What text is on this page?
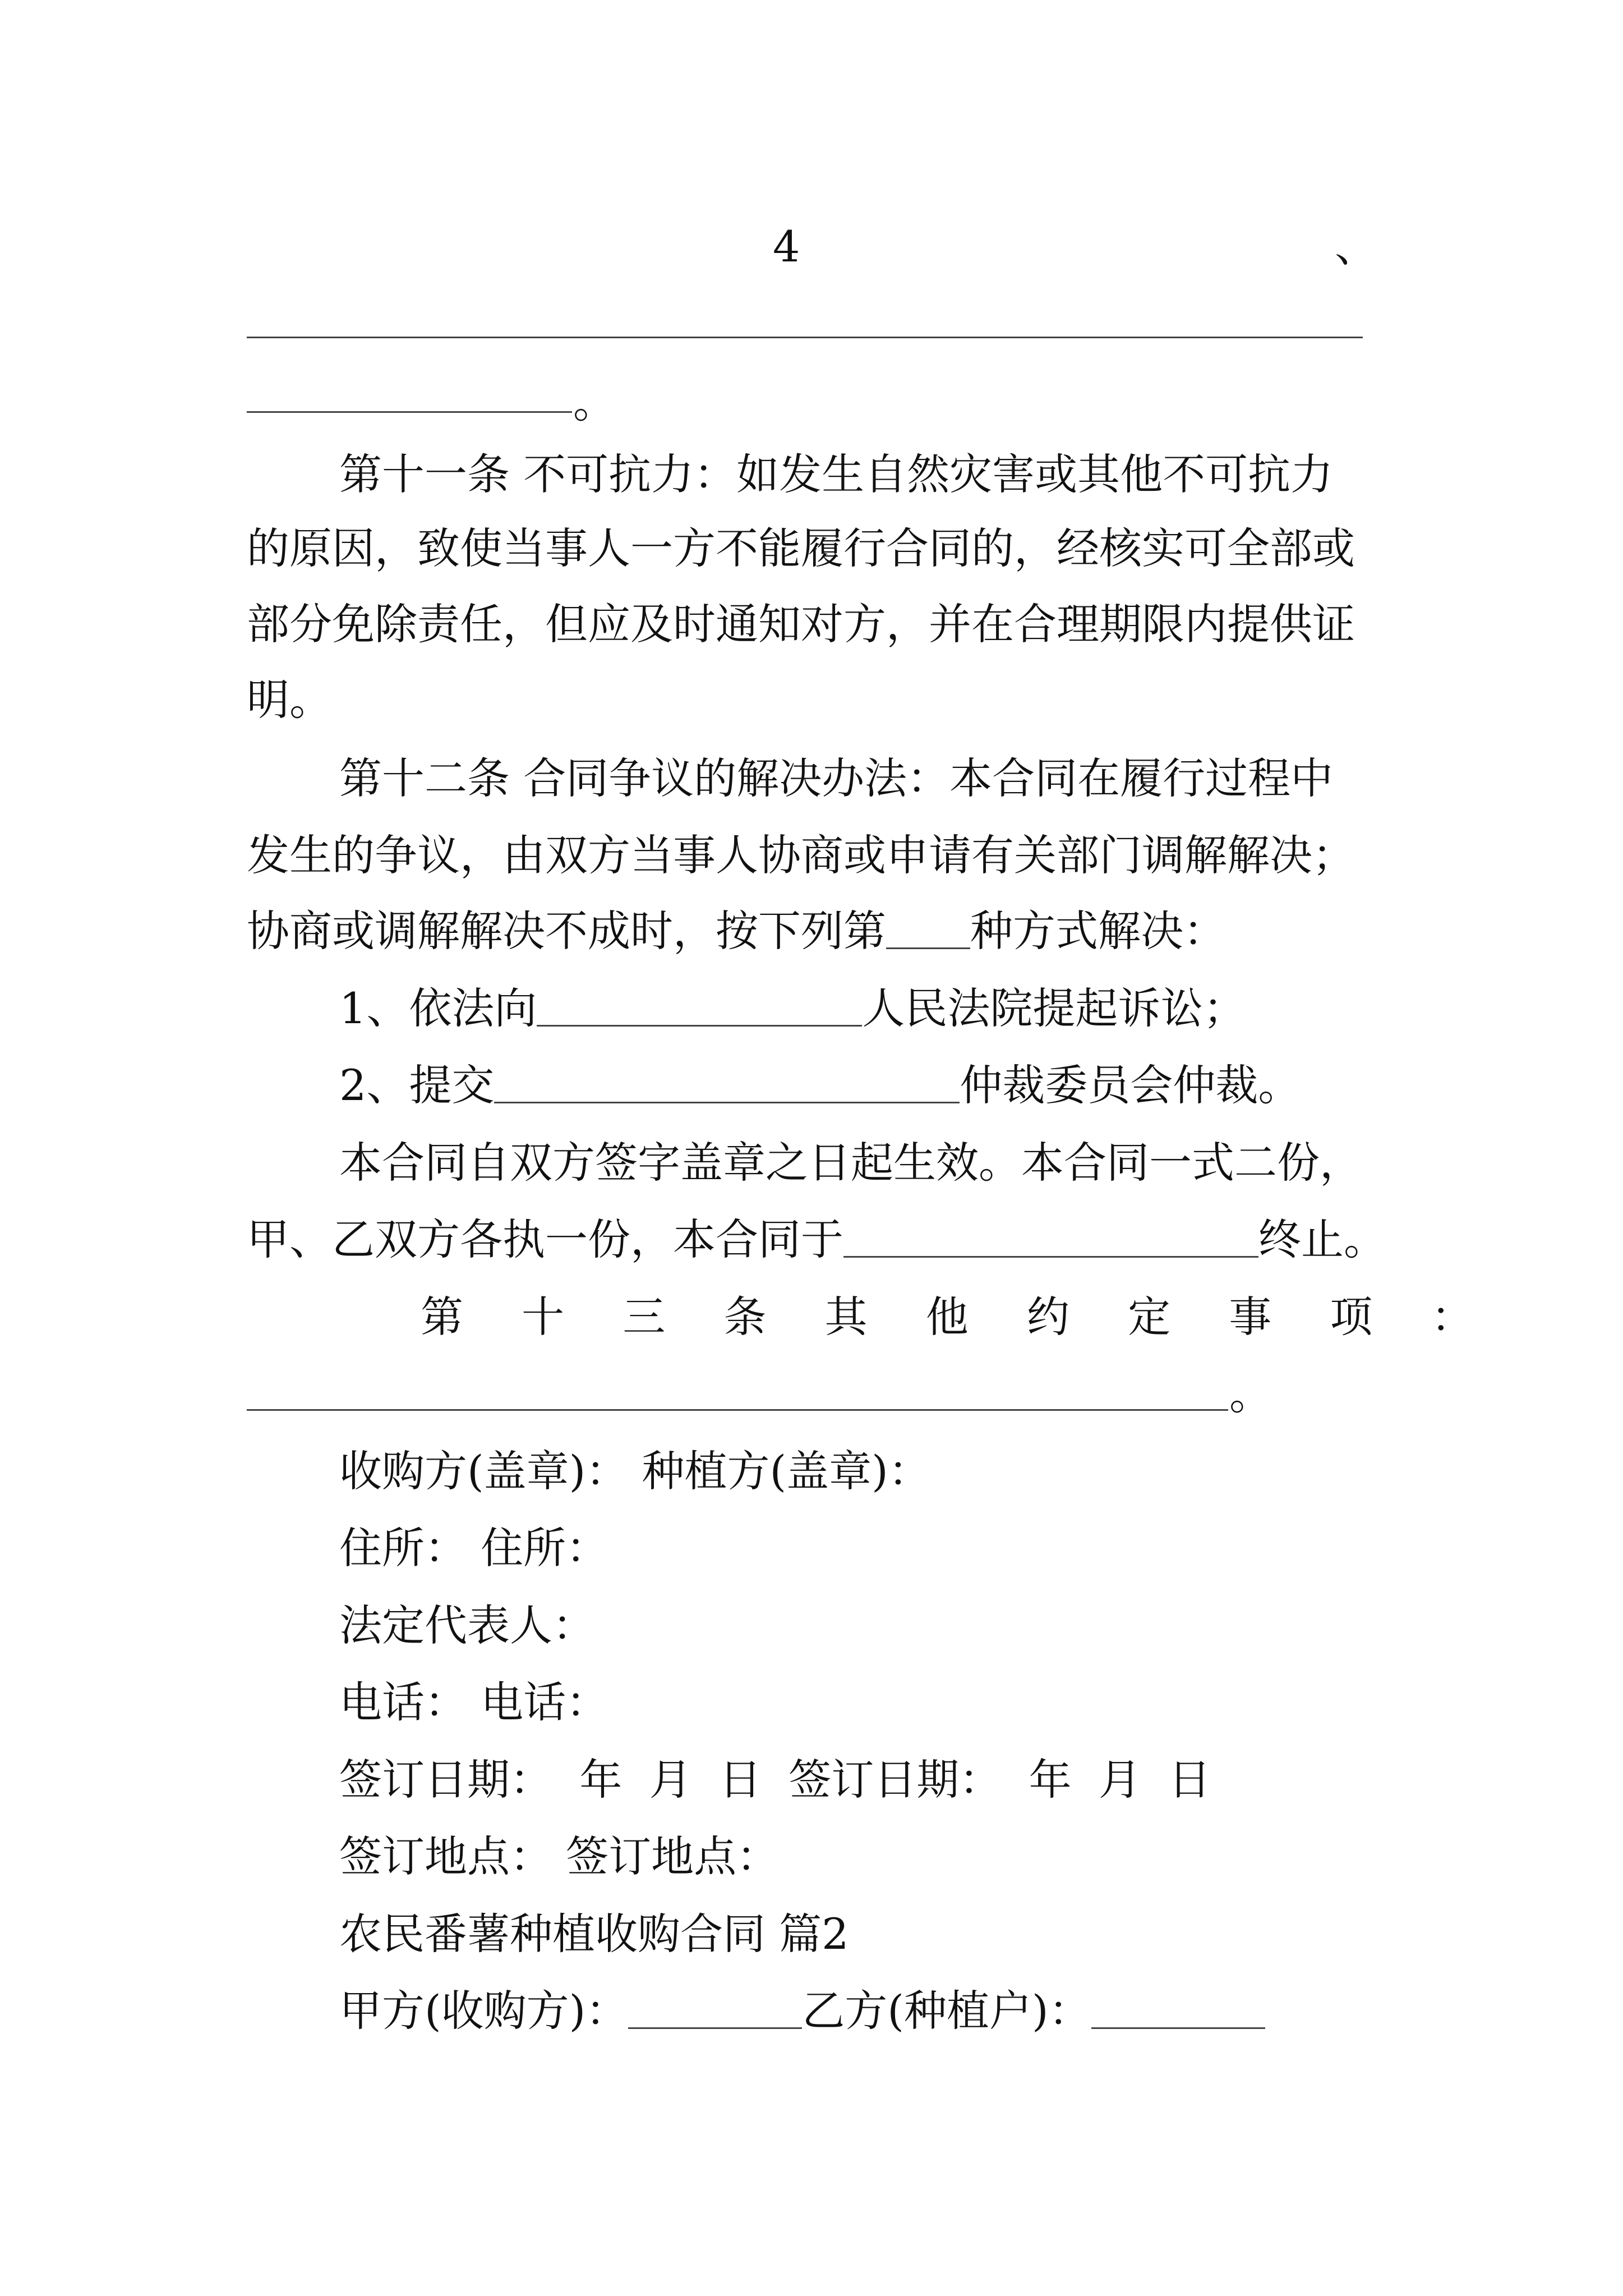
4	、
。
第十一条 不可抗力：如发生自然灾害或其他不可抗力
的原因，致使当事人一方不能履行合同的，经核实可全部或
部分免除责任，但应及时通知对方，并在合理期限内提供证
明。
第十二条 合同争议的解决办法：本合同在履行过程中
发生的争议，由双方当事人协商或申请有关部门调解解决；
协商或调解解决不成时，按下列第 种方式解决：
1、依法向	人民法院提起诉讼；
2、提交	仲裁委员会仲裁。
本合同自双方签字盖章之日起生效。本合同一式二份，
甲、乙双方各执一份，本合同于	终止。
第 十 三 条 其 他 约 定 事 项 ：
。
收购方(盖章)： 种植方(盖章)：
住所： 住所：
法定代表人：
电话： 电话：
签订日期：  年  月  日  签订日期：  年  月  日
签订地点： 签订地点：
农民番薯种植收购合同 篇2
甲方(收购方)：	乙方(种植户)：
